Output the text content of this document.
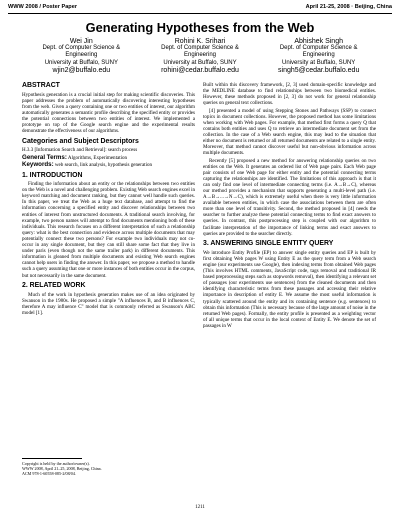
WWW 2008 / Poster Paper	April 21-25, 2008 · Beijing, China
Generating Hypotheses from the Web
Wei Jin
Dept. of Computer Science &
Engineering
University at Buffalo, SUNY
wjin2@buffalo.edu
Rohini K. Srihari
Dept. of Computer Science &
Engineering
University at Buffalo, SUNY
rohini@cedar.buffalo.edu
Abhishek Singh
Dept. of Computer Science &
Engineering
University at Buffalo, SUNY
singh5@cedar.buffalo.edu
ABSTRACT

Hypothesis generation is a crucial initial step for making scientific discoveries. This paper addresses the problem of automatically discovering interesting hypotheses from the web. Given a query containing one or two entities of interest, our algorithm automatically generates a semantic profile describing the specified entity or provides the potential connections between two entities of interest. We implemented a prototype on top of the Google search engine and the experimental results demonstrate the effectiveness of our algorithms.

Categories and Subject Descriptors

H.3.3 [Information Search and Retrieval]: search process

General Terms: Algorithms, Experimentation

Keywords: web search, link analysis, hypothesis generation

1. INTRODUCTION

Finding the information about an entity or the relationships between two entities on the Web is a novel and challenging problem. Existing Web search engines excel in keyword matching and document ranking, but they cannot well handle such queries. In this paper, we treat the Web as a huge text database, and attempt to find the information concerning a specified entity and discover relationships between two entities of interest from unstructured documents. A traditional search involving, for example, two person names will attempt to find documents mentioning both of these individuals. This research focuses on a different interpretation of such a relationship query: what is the best connection and evidence across multiple documents that may potentially connect these two persons? For example two individuals may not co-occur in any single document, but they can still share some fact that they live in under paris (even though not the same trailer park) in different documents. This information is gleaned from multiple documents and existing Web search engines cannot help users in finding the answer. In this paper, we propose a method to handle such a query assuming that one or more instances of both entities occur in the corpus, but not necessarily in the same document.

2. RELATED WORK

Much of the work in hypothesis generation makes use of an idea originated by Swanson in the 1980s. He proposed a simple "A influences B, and B influences C, therefore A may influence C" model that is commonly referred as Swanson's ABC model [1].

Copyright is held by the author/owner(s).
WWW 2008, April 21–25, 2008, Beijing, China.
ACM 978-1-60558-085-2/08/04.

Built within this discovery framework, [2, 3] used domain-specific knowledge and the MEDLINE database to find relationships between two biomedical entities. However, these methods proposed in [2, 3] do not work for general relationship queries on general text collections.

[4] presented a model of using Stepping Stones and Pathways (SSP) to connect topics in document collections. However, the proposed method has some limitations when working with Web pages. For example, that method first forms a query Q that contains both entities and uses Q to retrieve an intermediate document set from the collection. In the case of a Web search engine, this may lead to the situation that either no document is returned or all returned documents are related to a single entity. Moreover, that method cannot discover useful but non-obvious information across multiple documents.

Recently [5] proposed a new method for answering relationship queries on two entities on the Web. It generates an ordered list of Web page pairs. Each Web page pair consists of one Web page for either entity and the potential connecting terms capturing the relationships are identified. The limitations of this approach is that it can only find one level of intermediate connecting terms (i.e. A→B→C), whereas our method provides a mechanism that supports generating a multi-level path (i.e. A→B→...→N→C), which is extremely useful when there is very little information available between entities, in which case the associations between them are often more than one level of transitivity. Second, the method proposed in [4] needs the searcher to further analyze these potential connecting terms to find exact answers to queries. In contrast, this postprocessing step is coupled with our algorithm to facilitate interpretation of the importance of linking terms and exact answers to queries are provided to the searcher directly.

3. ANSWERING SINGLE ENTITY QUERY

We introduce Entity Profile (EP) to answer single entity queries and EP is built by first obtaining Web pages W using Entity E as the query term from a Web search engine (our experiments use Google), then indexing terms from obtained Web pages (This involves HTML comments, JavaScript code, tags removal and traditional IR based preprocessing steps such as stopwords removal), then identifying a relevant set of passages (our experiments use sentences) from the cleaned documents and then identifying characteristic terms from these passages and accessing their relative importance in description of entity E. We assume the most useful information is typically scattered around the entity and its containing sentence (e.g. sentences) to obtain this information (This is necessary because of the large amount of noise in the returned Web pages). Formally, the entity profile is presented as a weighting vector of all unique terms that occur in the local context of Entity E. We denote the set of passages in W

1211
